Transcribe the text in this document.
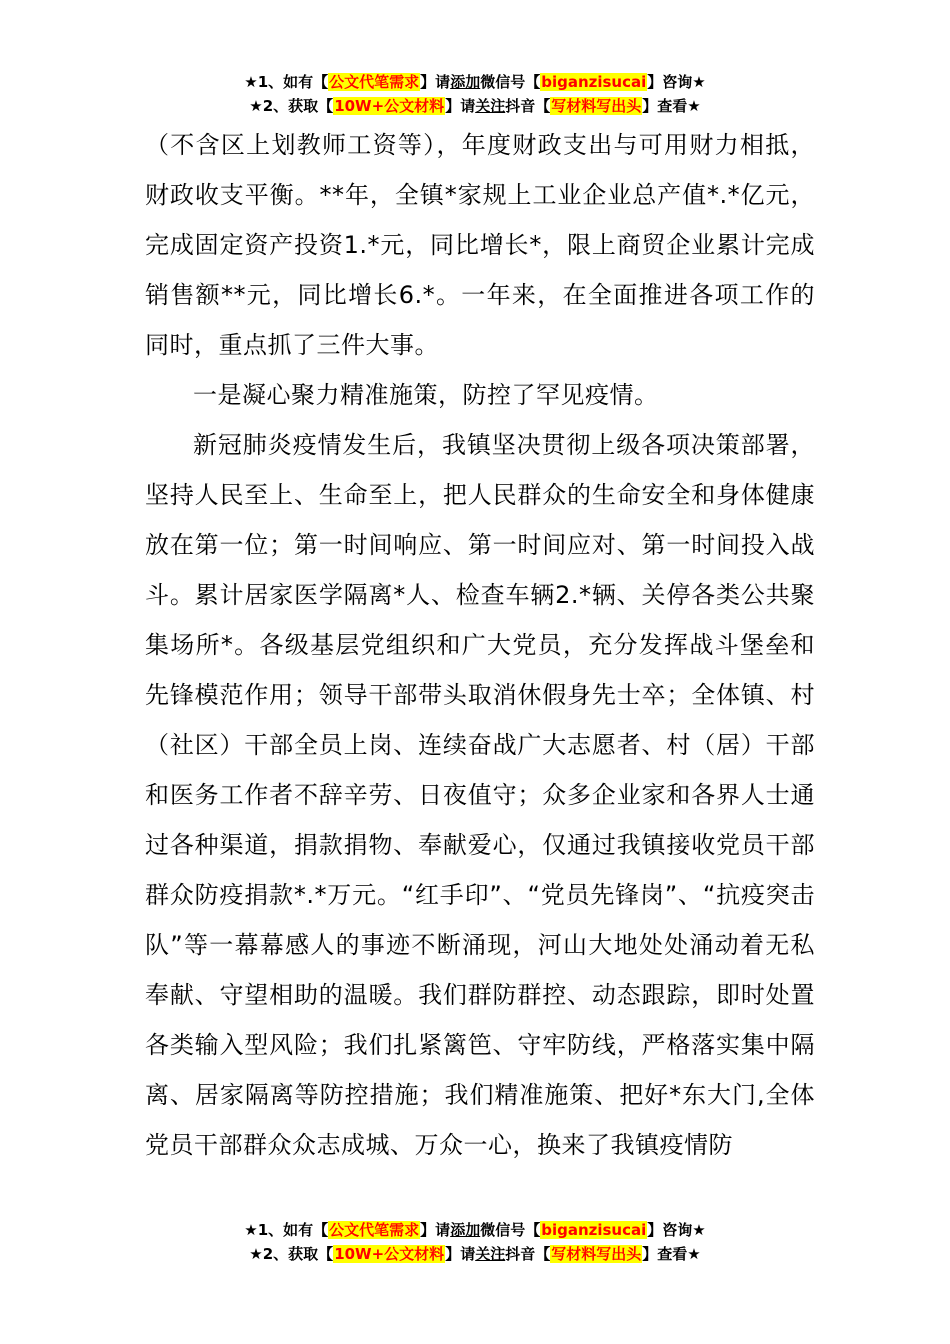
★1、如有【公文代笔需求】请添加微信号【biganzisucai】咨询★
★2、获取【10W+公文材料】请关注抖音【写材料写出头】查看★

（不含区上划教师工资等），年度财政支出与可用财力相抵，财政收支平衡。**年，全镇*家规上工业企业总产值*.*亿元，完成固定资产投资1.*元，同比增长*，限上商贸企业累计完成销售额**元，同比增长6.*。一年来，在全面推进各项工作的同时，重点抓了三件大事。

一是凝心聚力精准施策，防控了罕见疫情。

新冠肺炎疫情发生后，我镇坚决贯彻上级各项决策部署，坚持人民至上、生命至上，把人民群众的生命安全和身体健康放在第一位；第一时间响应、第一时间应对、第一时间投入战斗。累计居家医学隔离*人、检查车辆2.*辆、关停各类公共聚集场所*。各级基层党组织和广大党员，充分发挥战斗堡垒和先锋模范作用；领导干部带头取消休假身先士卒；全体镇、村（社区）干部全员上岗、连续奋战广大志愿者、村（居）干部和医务工作者不辞辛劳、日夜值守；众多企业家和各界人士通过各种渠道，捐款捐物、奉献爱心，仅通过我镇接收党员干部群众防疫捐款*.*万元。“红手印”、“党员先锋岗”、“抗疫突击队”等一幕幕感人的事迹不断涌现，河山大地处处涌动着无私奉献、守望相助的温暖。我们群防群控、动态跟踪，即时处置各类输入型风险；我们扎紧篱笆、守牢防线，严格落实集中隔离、居家隔离等防控措施；我们精准施策、把好*东大门,全体党员干部群众众志成城、万众一心，换来了我镇疫情防

★1、如有【公文代笔需求】请添加微信号【biganzisucai】咨询★
★2、获取【10W+公文材料】请关注抖音【写材料写出头】查看★
